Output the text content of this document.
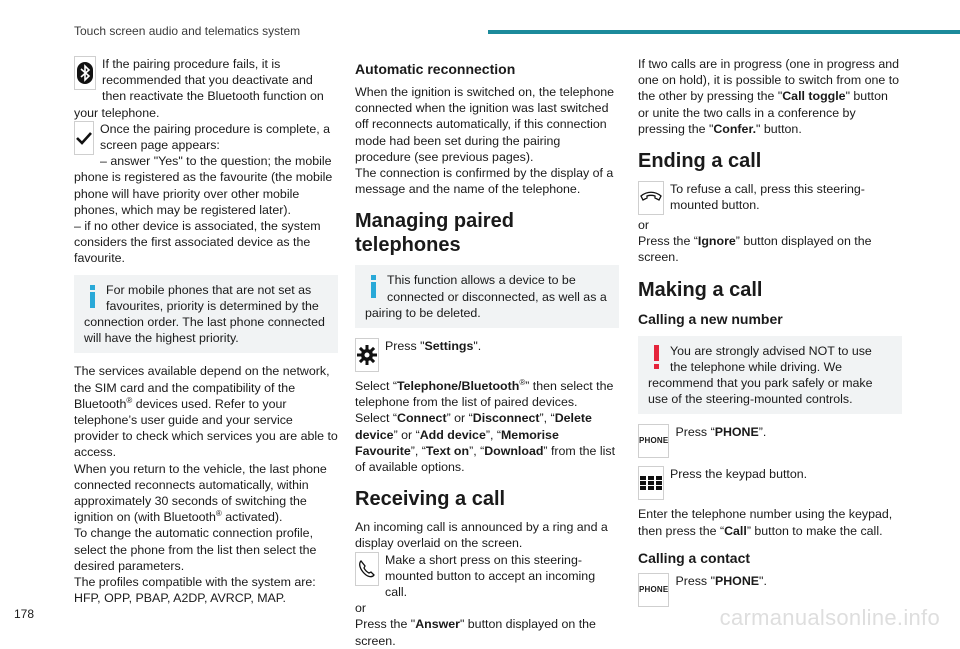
Touch screen audio and telematics system
If the pairing procedure fails, it is recommended that you deactivate and then reactivate the Bluetooth function on your telephone.
Once the pairing procedure is complete, a screen page appears:
– answer "Yes" to the question; the mobile phone is registered as the favourite (the mobile phone will have priority over other mobile phones, which may be registered later).
– if no other device is associated, the system considers the first associated device as the favourite.
For mobile phones that are not set as favourites, priority is determined by the connection order. The last phone connected will have the highest priority.
The services available depend on the network, the SIM card and the compatibility of the Bluetooth® devices used. Refer to your telephone’s user guide and your service provider to check which services you are able to access.
When you return to the vehicle, the last phone connected reconnects automatically, within approximately 30 seconds of switching the ignition on (with Bluetooth® activated).
To change the automatic connection profile, select the phone from the list then select the desired parameters.
The profiles compatible with the system are: HFP, OPP, PBAP, A2DP, AVRCP, MAP.
Automatic reconnection
When the ignition is switched on, the telephone connected when the ignition was last switched off reconnects automatically, if this connection mode had been set during the pairing procedure (see previous pages).
The connection is confirmed by the display of a message and the name of the telephone.
Managing paired telephones
This function allows a device to be connected or disconnected, as well as a pairing to be deleted.
Press "Settings".
Select “Telephone/Bluetooth®” then select the telephone from the list of paired devices.
Select “Connect” or “Disconnect”, “Delete device” or “Add device”, “Memorise Favourite”, “Text on”, “Download” from the list of available options.
Receiving a call
An incoming call is announced by a ring and a display overlaid on the screen.
Make a short press on this steering-mounted button to accept an incoming call.
or
Press the "Answer" button displayed on the screen.
If two calls are in progress (one in progress and one on hold), it is possible to switch from one to the other by pressing the "Call toggle" button or unite the two calls in a conference by pressing the "Confer." button.
Ending a call
To refuse a call, press this steering-mounted button.
or
Press the “Ignore” button displayed on the screen.
Making a call
Calling a new number
You are strongly advised NOT to use the telephone while driving. We recommend that you park safely or make use of the steering-mounted controls.
PHONE
Press “PHONE”.
Press the keypad button.
Enter the telephone number using the keypad, then press the “Call” button to make the call.
Calling a contact
PHONE
Press "PHONE".
178	carmanualsonline.info
